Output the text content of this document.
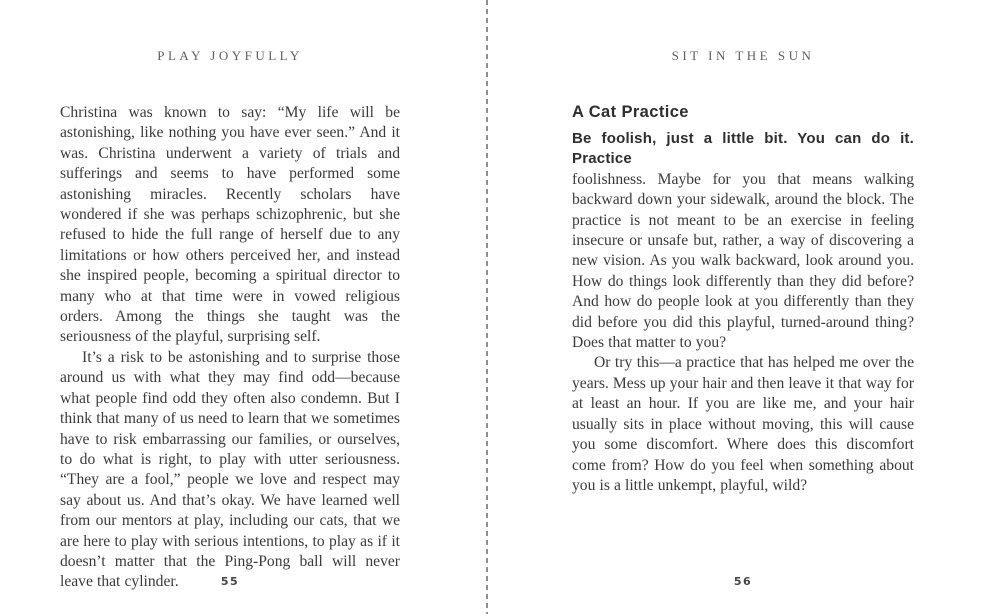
PLAY JOYFULLY

Christina was known to say: “My life will be astonishing, like nothing you have ever seen.” And it was. Christina underwent a variety of trials and sufferings and seems to have performed some astonishing miracles. Recently scholars have wondered if she was perhaps schizophrenic, but she refused to hide the full range of herself due to any limitations or how others perceived her, and instead she inspired people, becoming a spiritual director to many who at that time were in vowed religious orders. Among the things she taught was the seriousness of the playful, surprising self.

It’s a risk to be astonishing and to surprise those around us with what they may find odd—because what people find odd they often also condemn. But I think that many of us need to learn that we sometimes have to risk embarrassing our families, or ourselves, to do what is right, to play with utter seriousness. “They are a fool,” people we love and respect may say about us. And that’s okay. We have learned well from our mentors at play, including our cats, that we are here to play with serious intentions, to play as if it doesn’t matter that the Ping-Pong ball will never leave that cylinder.	55
SIT IN THE SUN
A Cat Practice

Be foolish, just a little bit. You can do it. Practice

foolishness. Maybe for you that means walking backward down your sidewalk, around the block. The practice is not meant to be an exercise in feeling insecure or unsafe but, rather, a way of discovering a new vision. As you walk backward, look around you. How do things look differently than they did before? And how do people look at you differently than they did before you did this playful, turned-around thing? Does that matter to you?

Or try this—a practice that has helped me over the years. Mess up your hair and then leave it that way for at least an hour. If you are like me, and your hair usually sits in place without moving, this will cause you some discomfort. Where does this discomfort come from? How do you feel when something about you is a little unkempt, playful, wild?

56
